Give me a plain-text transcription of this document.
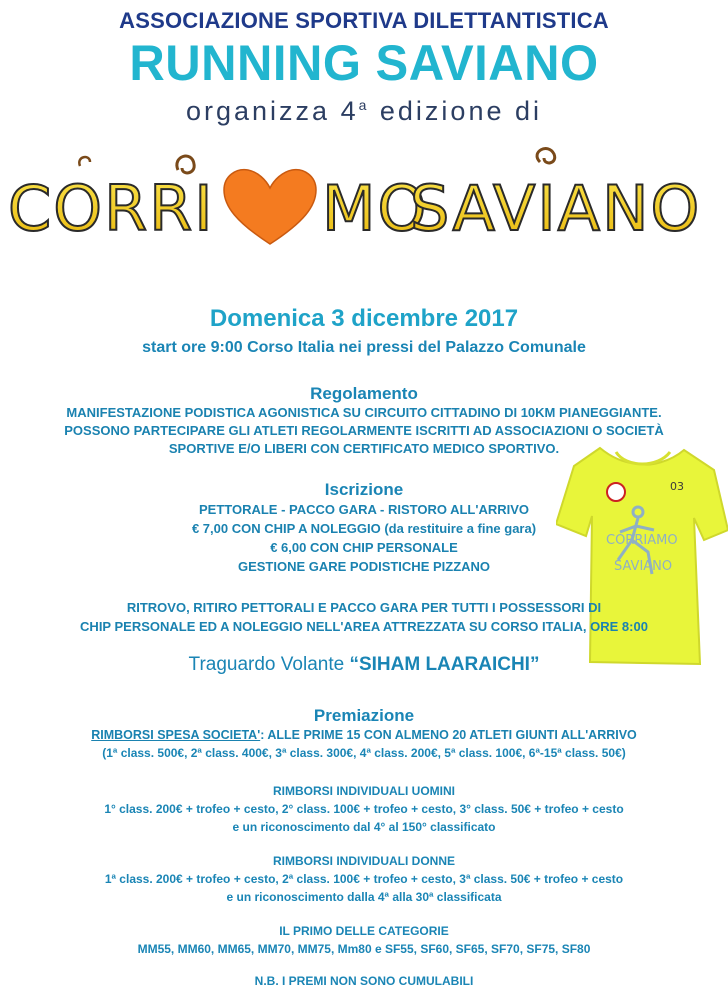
ASSOCIAZIONE SPORTIVA DILETTANTISTICA
RUNNING SAVIANO
organizza 4$^a$ edizione di
CORRI MO
SAVIANO
Domenica 3 dicembre 2017
start ore 9:00 Corso Italia nei pressi del Palazzo Comunale
Regolamento
MANIFESTAZIONE PODISTICA AGONISTICA SU CIRCUITO CITTADINO DI 10KM PIANEGGIANTE.
POSSONO PARTECIPARE GLI ATLETI REGOLARMENTE ISCRITTI AD ASSOCIAZIONI O SOCIETÀ
SPORTIVE E/O LIBERI CON CERTIFICATO MEDICO SPORTIVO.
03
CORRIAMO
SAVIANO
Iscrizione
PETTORALE - PACCO GARA - RISTORO ALL'ARRIVO
€ 7,00 CON CHIP A NOLEGGIO (da restituire a fine gara)
€ 6,00 CON CHIP PERSONALE
GESTIONE GARE PODISTICHE PIZZANO
RITROVO, RITIRO PETTORALI E PACCO GARA PER TUTTI I POSSESSORI DI
CHIP PERSONALE ED A NOLEGGIO NELL'AREA ATTREZZATA SU CORSO ITALIA, ORE 8:00
Traguardo Volante “SIHAM LAARAICHI”
Premiazione
RIMBORSI SPESA SOCIETA': ALLE PRIME 15 CON ALMENO 20 ATLETI GIUNTI ALL'ARRIVO
(1ª class. 500€, 2ª class. 400€, 3ª class. 300€, 4ª class. 200€, 5ª class. 100€, 6ª-15ª class. 50€)
RIMBORSI INDIVIDUALI UOMINI
1° class. 200€ + trofeo + cesto, 2° class. 100€ + trofeo + cesto, 3° class. 50€ + trofeo + cesto
e un riconoscimento dal 4° al 150° classificato
RIMBORSI INDIVIDUALI DONNE
1ª class. 200€ + trofeo + cesto, 2ª class. 100€ + trofeo + cesto, 3ª class. 50€ + trofeo + cesto
e un riconoscimento dalla 4ª alla 30ª classificata
IL PRIMO DELLE CATEGORIE
MM55, MM60, MM65, MM70, MM75, Mm80 e SF55, SF60, SF65, SF70, SF75, SF80
N.B. I PREMI NON SONO CUMULABILI
